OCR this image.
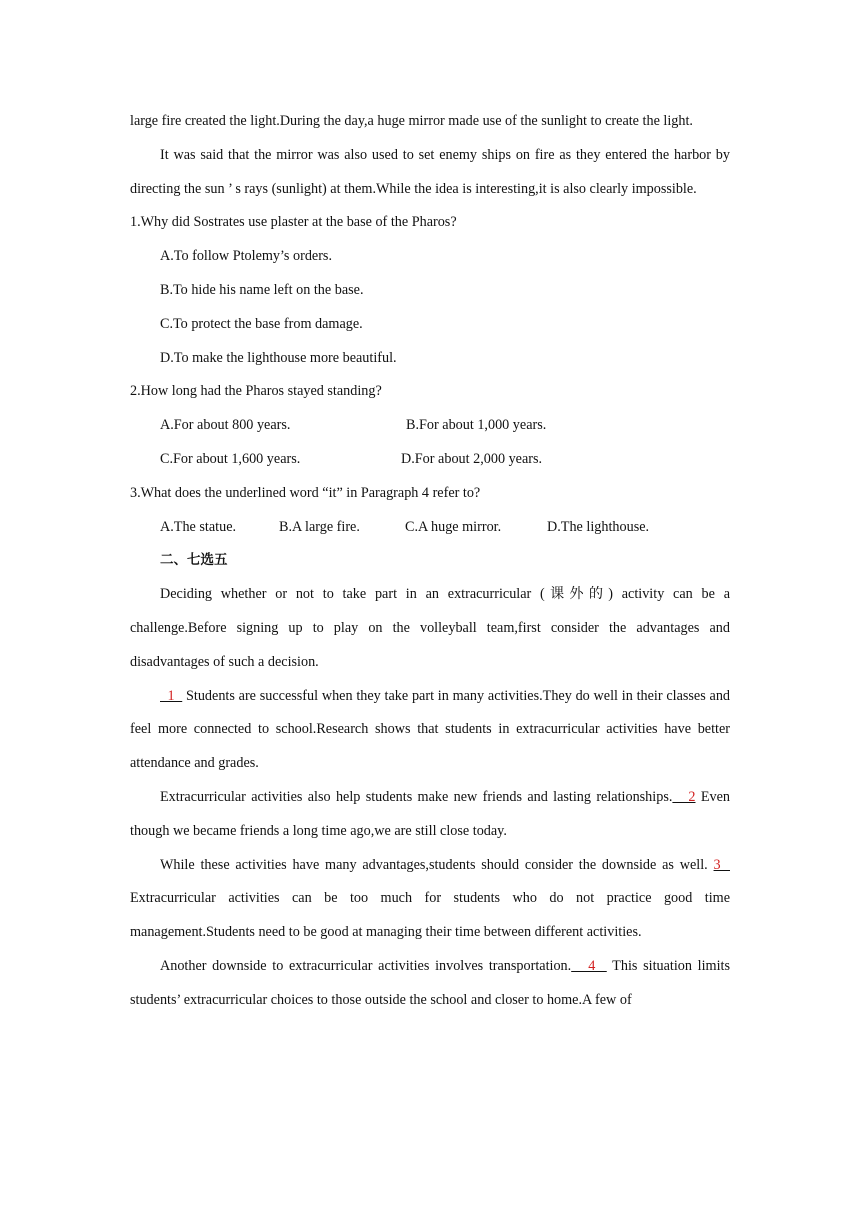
large fire created the light.During the day,a huge mirror made use of the sunlight to create the light.

It was said that the mirror was also used to set enemy ships on fire as they entered the harbor by directing the sun ’ s rays (sunlight) at them.While the idea is interesting,it is also clearly impossible.

1.Why did Sostrates use plaster at the base of the Pharos?

A.To follow Ptolemy’s orders.

B.To hide his name left on the base.

C.To protect the base from damage.

D.To make the lighthouse more beautiful.

2.How long had the Pharos stayed standing?

A.For about 800 years.	B.For about 1,000 years.

C.For about 1,600 years.	D.For about 2,000 years.

3.What does the underlined word “it” in Paragraph 4 refer to?

A.The statue.	B.A large fire.	C.A huge mirror.	D.The lighthouse.

二、七选五

Deciding whether or not to take part in an extracurricular (课外的) activity can be a challenge.Before signing up to play on the volleyball team,first consider the advantages and disadvantages of such a decision.

1   Students are successful when they take part in many activities.They do well in their classes and feel more connected to school.Research shows that students in extracurricular activities have better attendance and grades.

Extracurricular activities also help students make new friends and lasting relationships.   2 Even though we became friends a long time ago,we are still close today.

While these activities have many advantages,students should consider the downside as well. 3   Extracurricular activities can be too much for students who do not practice good time management.Students need to be good at managing their time between different activities.

Another downside to extracurricular activities involves transportation.   4   This situation limits students’ extracurricular choices to those outside the school and closer to home.A few of
